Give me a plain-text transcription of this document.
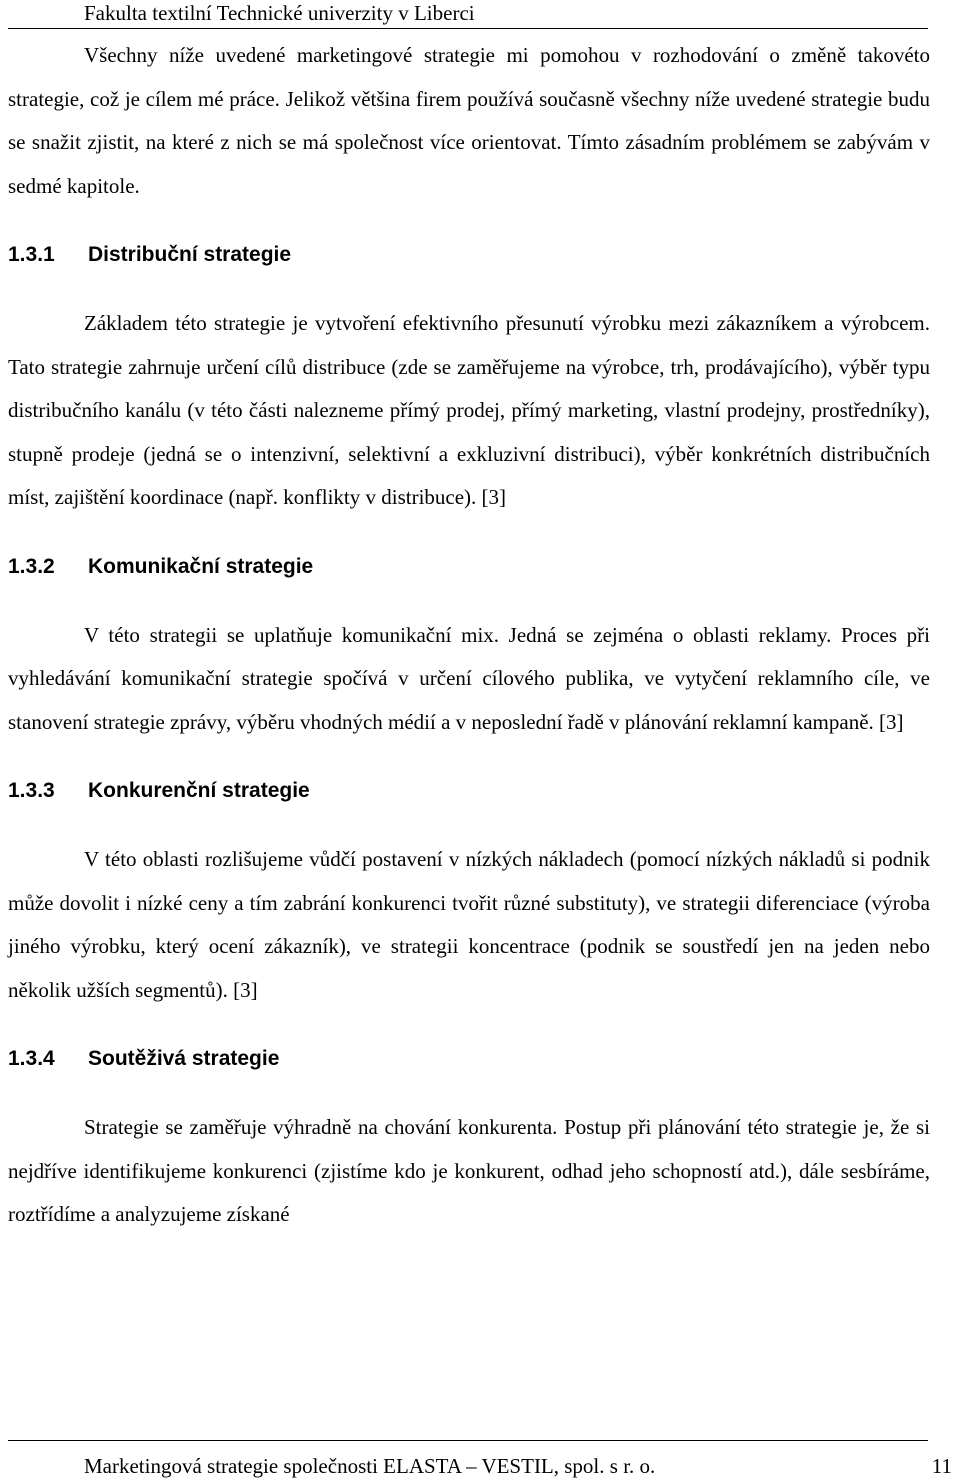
Fakulta textilní Technické univerzity v Liberci

Všechny níže uvedené marketingové strategie mi pomohou v rozhodování o změně takovéto strategie, což je cílem mé práce. Jelikož většina firem používá současně všechny níže uvedené strategie budu se snažit zjistit, na které z nich se má společnost více orientovat. Tímto zásadním problémem se zabývám v sedmé kapitole.

1.3.1	Distribuční strategie

Základem této strategie je vytvoření efektivního přesunutí výrobku mezi zákazníkem a výrobcem. Tato strategie zahrnuje určení cílů distribuce (zde se zaměřujeme na výrobce, trh, prodávajícího), výběr typu distribučního kanálu (v této části nalezneme přímý prodej, přímý marketing, vlastní prodejny, prostředníky), stupně prodeje (jedná se o intenzivní, selektivní a exkluzivní distribuci), výběr konkrétních distribučních míst, zajištění koordinace (např. konflikty v distribuce). [3]

1.3.2	Komunikační strategie

V této strategii se uplatňuje komunikační mix. Jedná se zejména o oblasti reklamy. Proces při vyhledávání komunikační strategie spočívá v určení cílového publika, ve vytyčení reklamního cíle, ve stanovení strategie zprávy, výběru vhodných médií a v neposlední řadě v plánování reklamní kampaně. [3]

1.3.3	Konkurenční strategie

V této oblasti rozlišujeme vůdčí postavení v nízkých nákladech (pomocí nízkých nákladů si podnik může dovolit i nízké ceny a tím zabrání konkurenci tvořit různé substituty), ve strategii diferenciace (výroba jiného výrobku, který ocení zákazník), ve strategii koncentrace (podnik se soustředí jen na jeden nebo několik užších segmentů). [3]

1.3.4	Soutěživá strategie

Strategie se zaměřuje výhradně na chování konkurenta. Postup při plánování této strategie je, že si nejdříve identifikujeme konkurenci (zjistíme kdo je konkurent, odhad jeho schopností atd.), dále sesbíráme, roztřídíme a analyzujeme získané

Marketingová strategie společnosti ELASTA – VESTIL, spol. s r. o.	11
